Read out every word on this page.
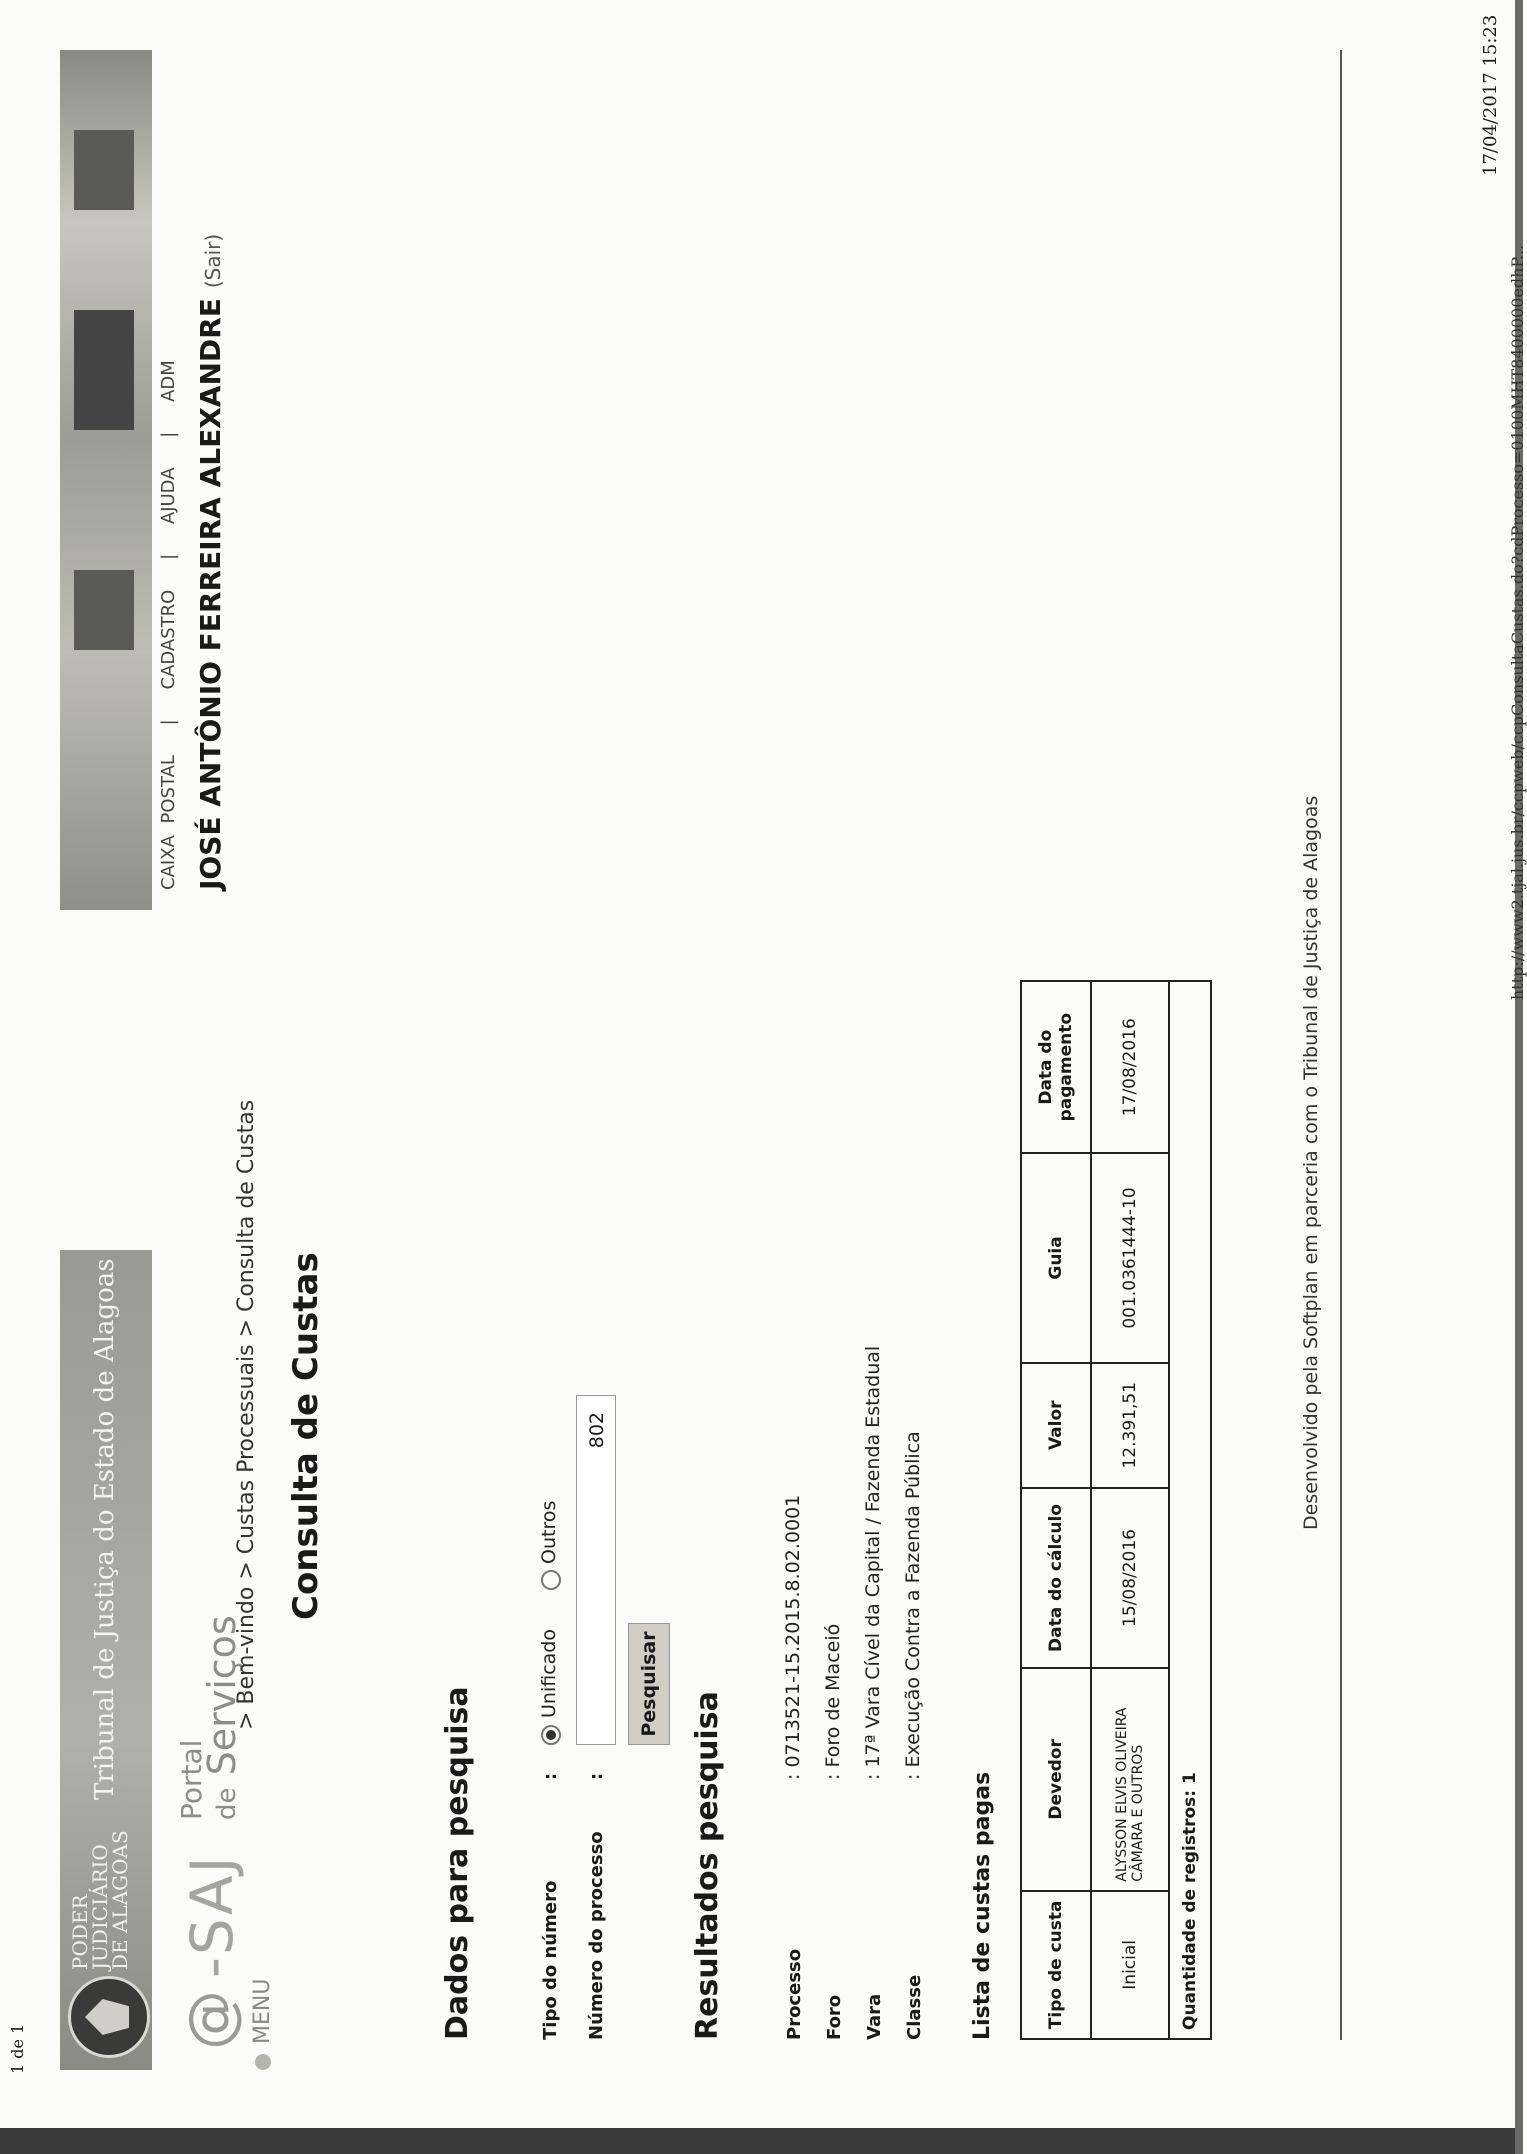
1 de 1
17/04/2017 15:23
http://www2.tjal.jus.br/ccpweb/ccpConsultaCustas.do?cdProcesso=0100MHT8400000edhP...
PODER
JUDICIÁRIO
DE ALAGOAS
Tribunal de Justiça do Estado de Alagoas
CAIXA POSTAL | CADASTRO | AJUDA | ADM JOSÉ ANTÔNIO FERREIRA ALEXANDRE(Sair)
@
-SAJ
Portal de Serviços
MENU
> Bem-vindo > Custas Processuais > Consulta de Custas Consulta de Custas
Dados para pesquisa	Tipo do número
:
Unificado
Outros
Número do processo
:
802
Pesquisar
Resultados pesquisa	Processo
: 0713521-15.2015.8.02.0001
Foro
: Foro de Maceió
Vara
: 17ª Vara Cível da Capital / Fazenda Estadual
Classe
: Execução Contra a Fazenda Pública
Lista de custas pagas	Tipo de custa	Devedor	Data do cálculo	Valor	Guia	Data do pagamento
Inicial	ALYSSON ELVIS OLIVEIRA CÂMARA E OUTROS	15/08/2016	12.391,51	001.0361444-10	17/08/2016
Quantidade de registros: 1					
Desenvolvido pela Softplan em parceria com o Tribunal de Justiça de Alagoas
